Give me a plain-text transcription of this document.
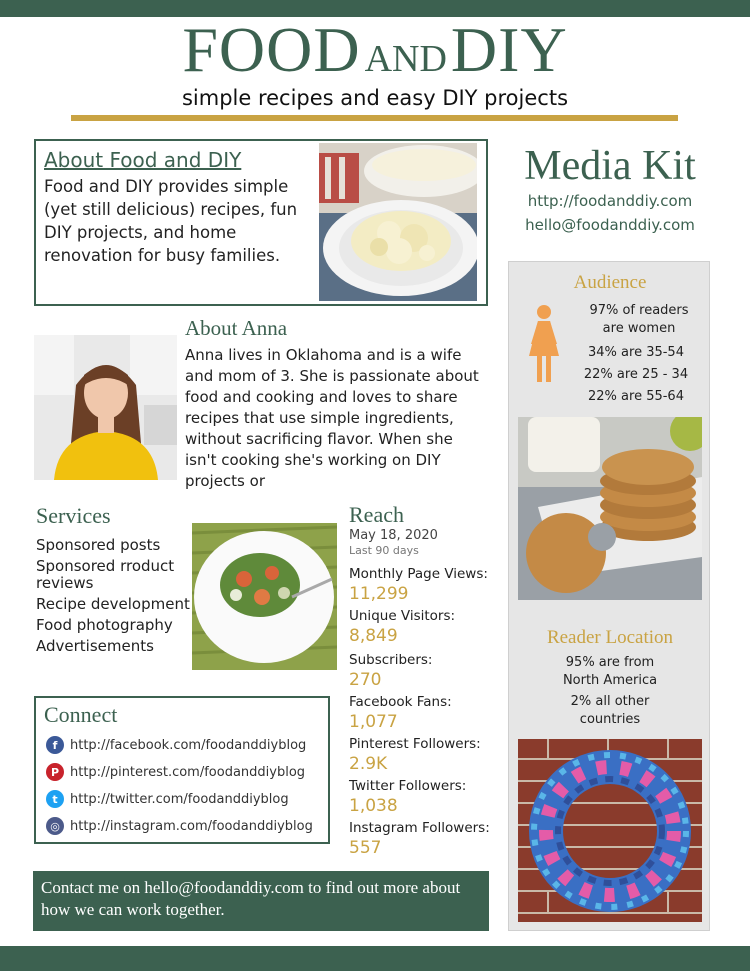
FOOD AND DIY
simple recipes and easy DIY projects
About Food and DIY
Food and DIY provides simple (yet still delicious) recipes, fun DIY projects, and home renovation for busy families.
Media Kit
http://foodanddiy.com
hello@foodanddiy.com
Audience
97% of readers are women
34% are 35-54
22% are 25 - 34
22% are 55-64
Reader Location
95% are from North America
2% all other countries
About Anna
Anna lives in Oklahoma and is a wife and mom of 3. She is passionate about food and cooking and loves to share recipes that use simple ingredients, without sacrificing flavor. When she isn't cooking she's working on DIY projects or
Services
Sponsored posts
Sponsored rroduct reviews
Recipe development
Food photography
Advertisements
Reach
May 18, 2020
Last 90 days
Monthly Page Views:
11,299
Unique Visitors:
8,849
Subscribers:
270
Facebook Fans:
1,077
Pinterest Followers:
2.9K
Twitter Followers:
1,038
Instagram Followers:
557
Connect
f http://facebook.com/foodanddiyblog
P http://pinterest.com/foodanddiyblog
t http://twitter.com/foodanddiyblog
◎ http://instagram.com/foodanddiyblog
Contact me on hello@foodanddiy.com to find out more about how we can work together.
